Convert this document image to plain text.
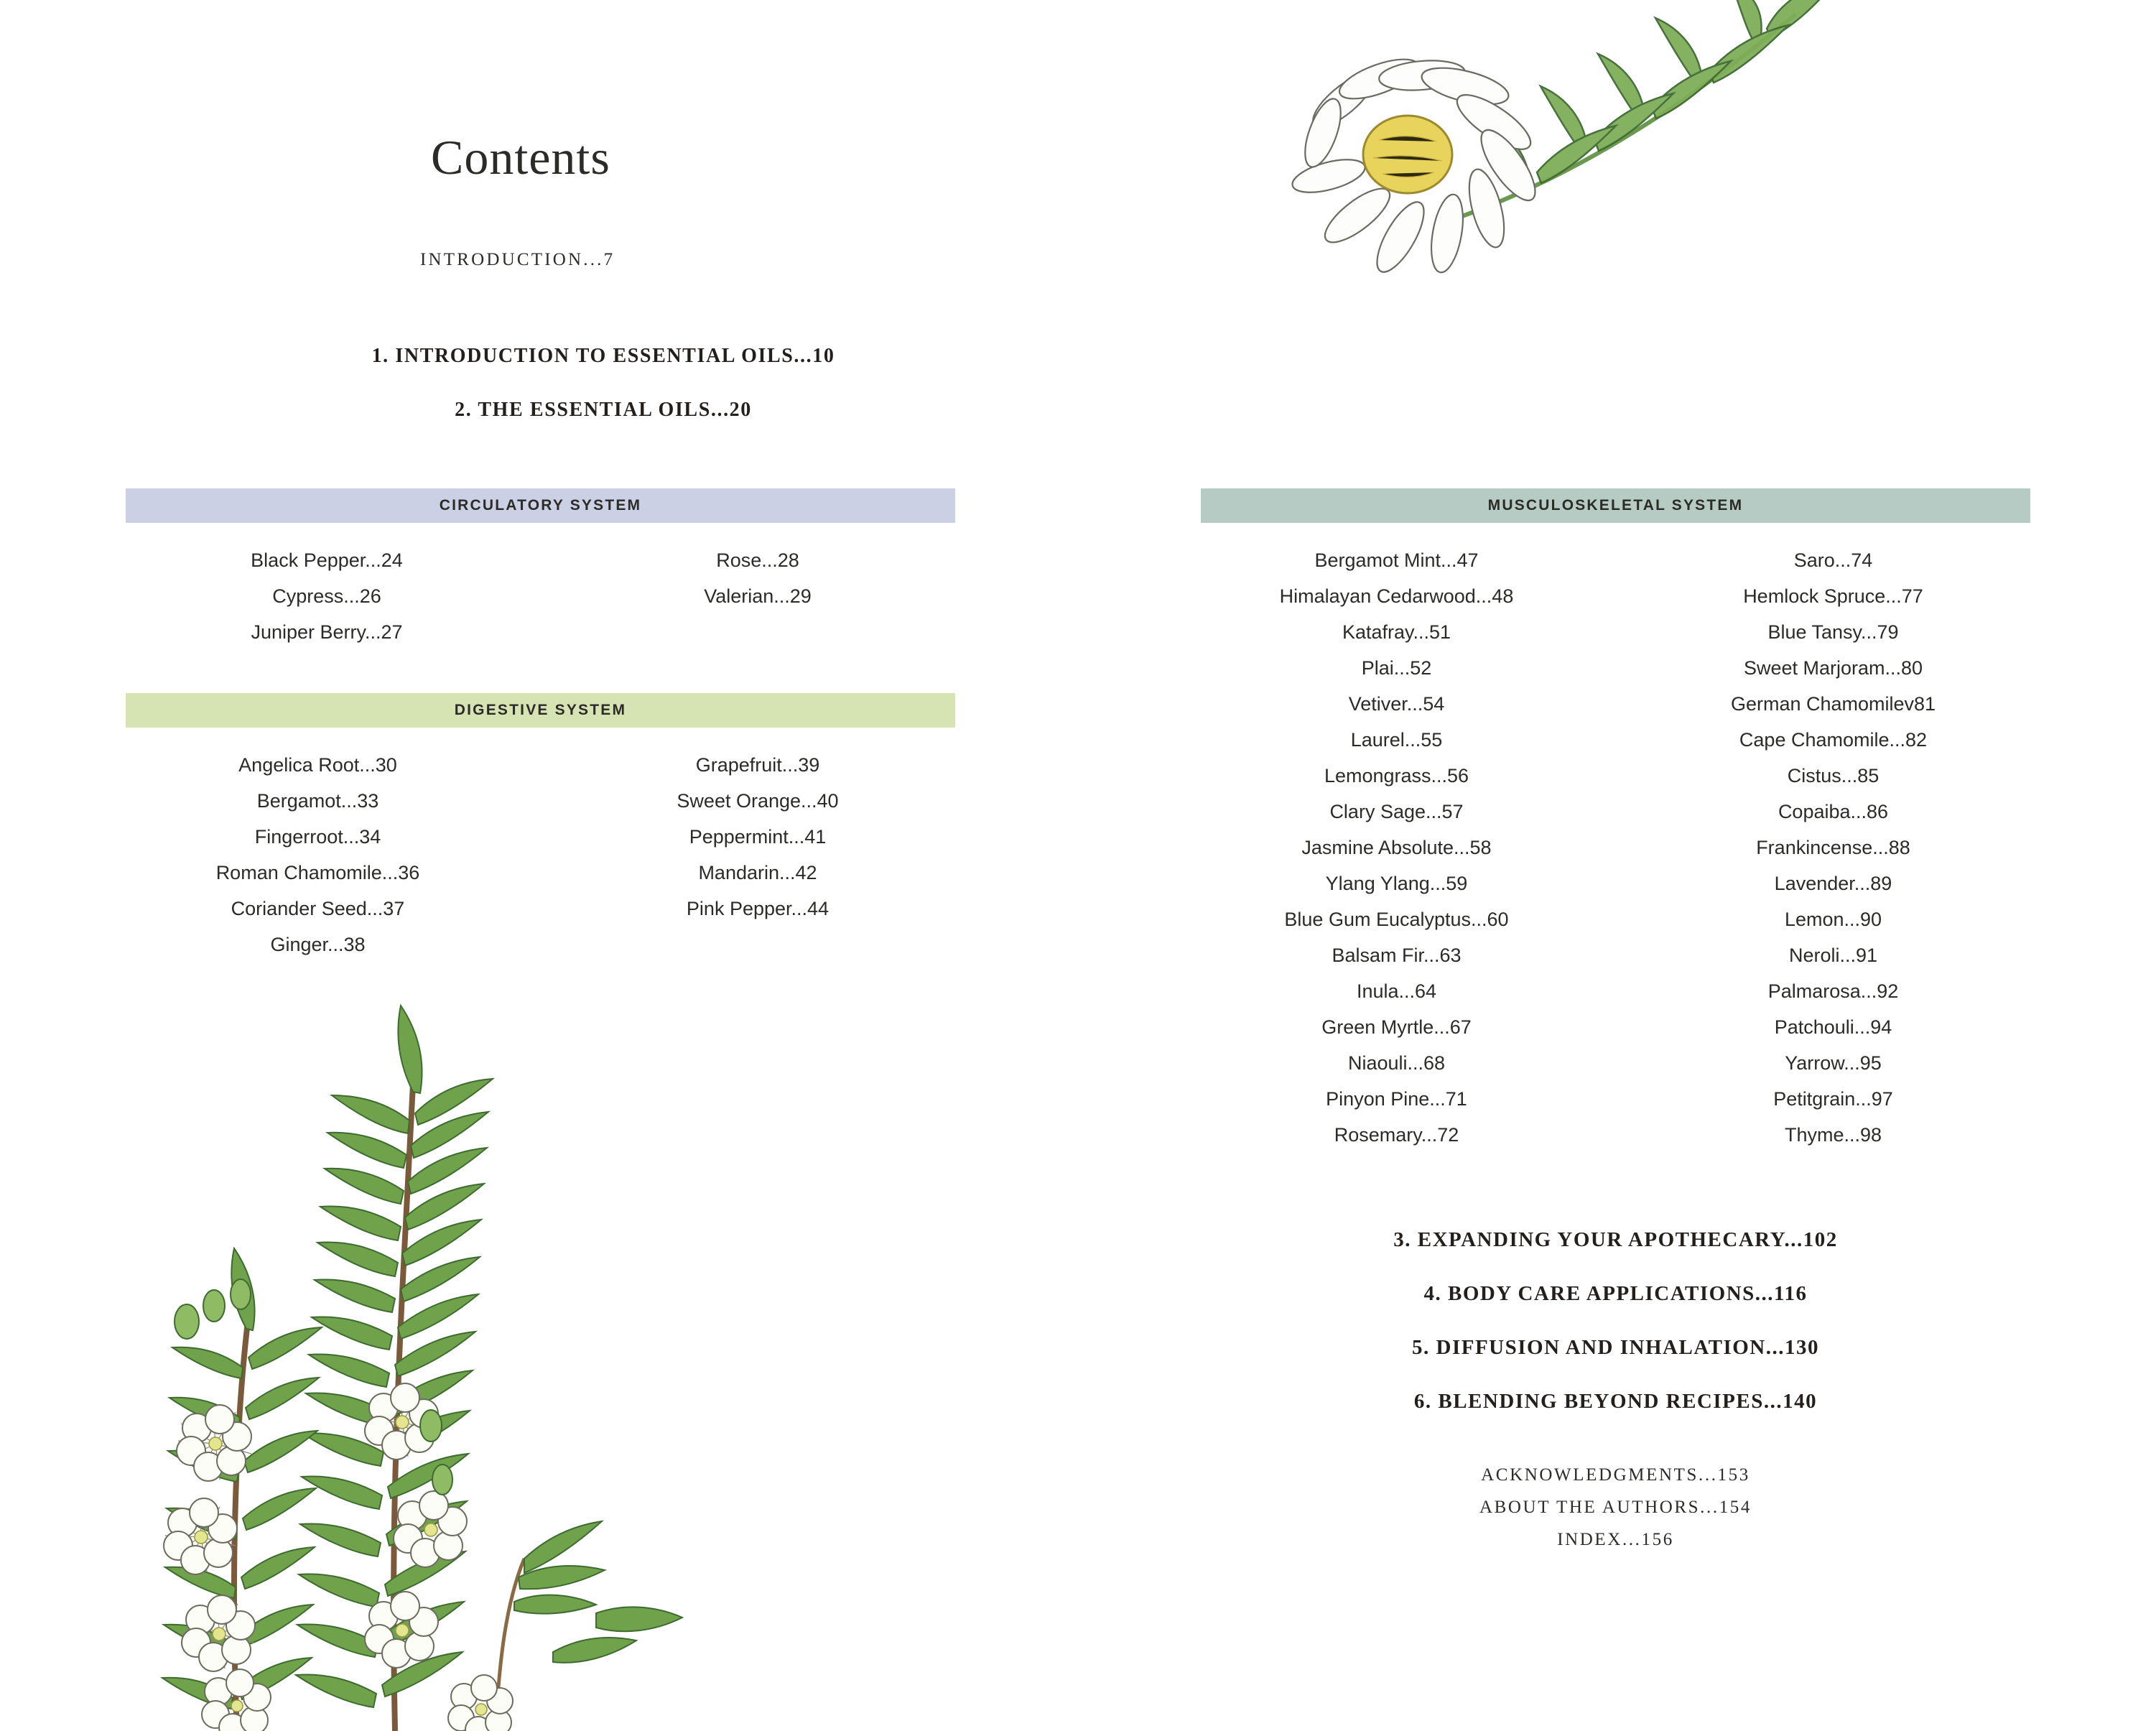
Contents
INTRODUCTION...7
1. INTRODUCTION TO ESSENTIAL OILS...10
2. THE ESSENTIAL OILS...20
CIRCULATORY SYSTEM
Black Pepper...24
Cypress...26
Juniper Berry...27
Rose...28
Valerian...29
DIGESTIVE SYSTEM
Angelica Root...30
Bergamot...33
Fingerroot...34
Roman Chamomile...36
Coriander Seed...37
Ginger...38
Grapefruit...39
Sweet Orange...40
Peppermint...41
Mandarin...42
Pink Pepper...44
MUSCULOSKELETAL SYSTEM
Bergamot Mint...47
Himalayan Cedarwood...48
Katafray...51
Plai...52
Vetiver...54
Laurel...55
Lemongrass...56
Clary Sage...57
Jasmine Absolute...58
Ylang Ylang...59
Blue Gum Eucalyptus...60
Balsam Fir...63
Inula...64
Green Myrtle...67
Niaouli...68
Pinyon Pine...71
Rosemary...72
Saro...74
Hemlock Spruce...77
Blue Tansy...79
Sweet Marjoram...80
German Chamomilev81
Cape Chamomile...82
Cistus...85
Copaiba...86
Frankincense...88
Lavender...89
Lemon...90
Neroli...91
Palmarosa...92
Patchouli...94
Yarrow...95
Petitgrain...97
Thyme...98
3. EXPANDING YOUR APOTHECARY...102
4. BODY CARE APPLICATIONS...116
5. DIFFUSION AND INHALATION...130
6. BLENDING BEYOND RECIPES...140
ACKNOWLEDGMENTS...153
ABOUT THE AUTHORS...154
INDEX...156
